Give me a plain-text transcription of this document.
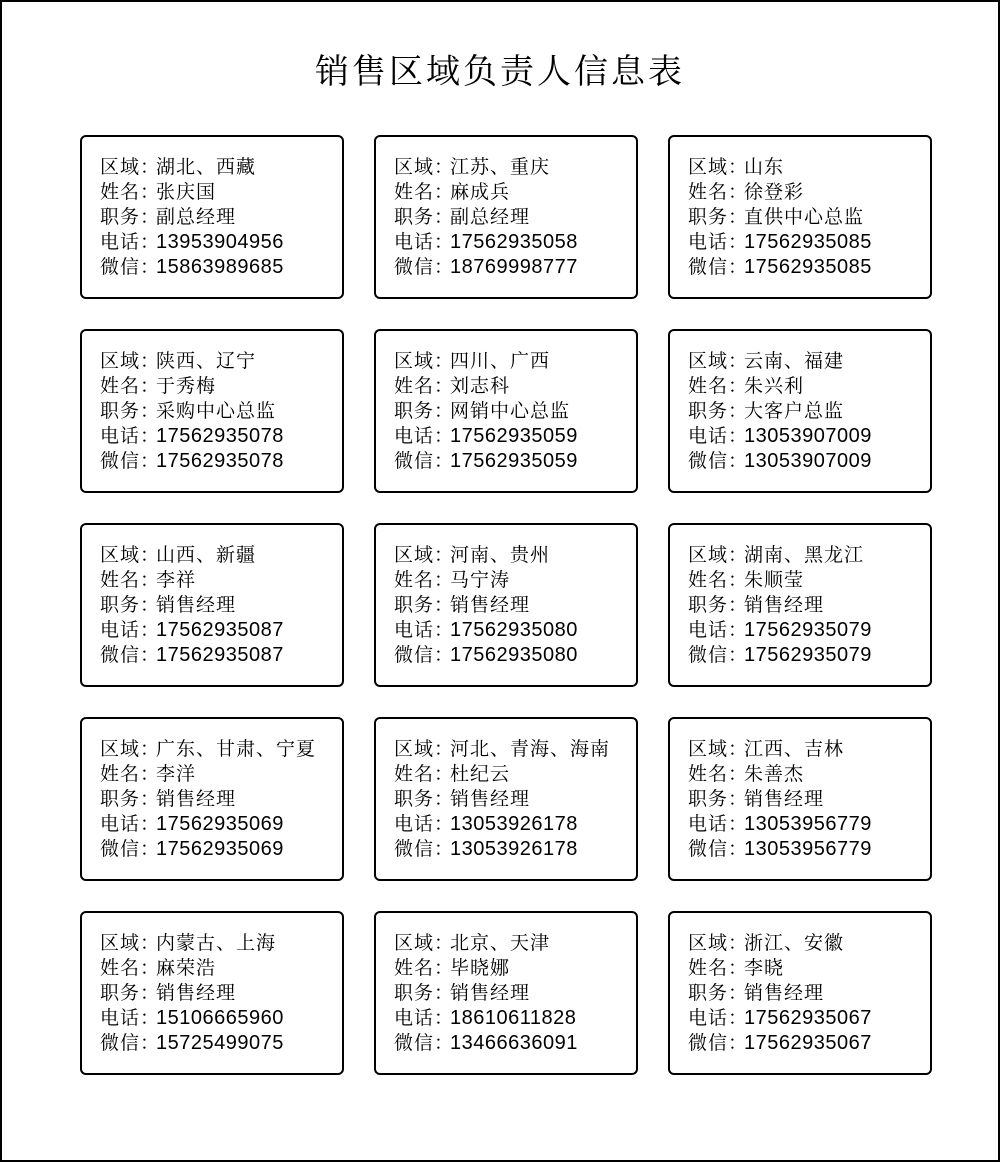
销售区域负责人信息表
区域 ：
湖北、西藏
姓名 ：
张庆国
职务 ：
副总经理
电话 ：
13953904956
微信 ：
15863989685
区域 ：
江苏、重庆
姓名 ：
麻成兵
职务 ：
副总经理
电话 ：
17562935058
微信 ：
18769998777
区域 ：
山东
姓名 ：
徐登彩
职务 ：
直供中心总监
电话 ：
17562935085
微信 ：
17562935085
区域 ：
陕西、辽宁
姓名 ：
于秀梅
职务 ：
采购中心总监
电话 ：
17562935078
微信 ：
17562935078
区域 ：
四川、广西
姓名 ：
刘志科
职务 ：
网销中心总监
电话 ：
17562935059
微信 ：
17562935059
区域 ：
云南、福建
姓名 ：
朱兴利
职务 ：
大客户总监
电话 ：
13053907009
微信 ：
13053907009
区域 ：
山西、新疆
姓名 ：
李祥
职务 ：
销售经理
电话 ：
17562935087
微信 ：
17562935087
区域 ：
河南、贵州
姓名 ：
马宁涛
职务 ：
销售经理
电话 ：
17562935080
微信 ：
17562935080
区域 ：
湖南、黑龙江
姓名 ：
朱顺莹
职务 ：
销售经理
电话 ：
17562935079
微信 ：
17562935079
区域 ：
广东、甘肃、宁夏
姓名 ：
李洋
职务 ：
销售经理
电话 ：
17562935069
微信 ：
17562935069
区域 ：
河北、青海、海南
姓名 ：
杜纪云
职务 ：
销售经理
电话 ：
13053926178
微信 ：
13053926178
区域 ：
江西、吉林
姓名 ：
朱善杰
职务 ：
销售经理
电话 ：
13053956779
微信 ：
13053956779
区域 ：
内蒙古、上海
姓名 ：
麻荣浩
职务 ：
销售经理
电话 ：
15106665960
微信 ：
15725499075
区域 ：
北京、天津
姓名 ：
毕晓娜
职务 ：
销售经理
电话 ：
18610611828
微信 ：
13466636091
区域 ：
浙江、安徽
姓名 ：
李晓
职务 ：
销售经理
电话 ：
17562935067
微信 ：
17562935067
